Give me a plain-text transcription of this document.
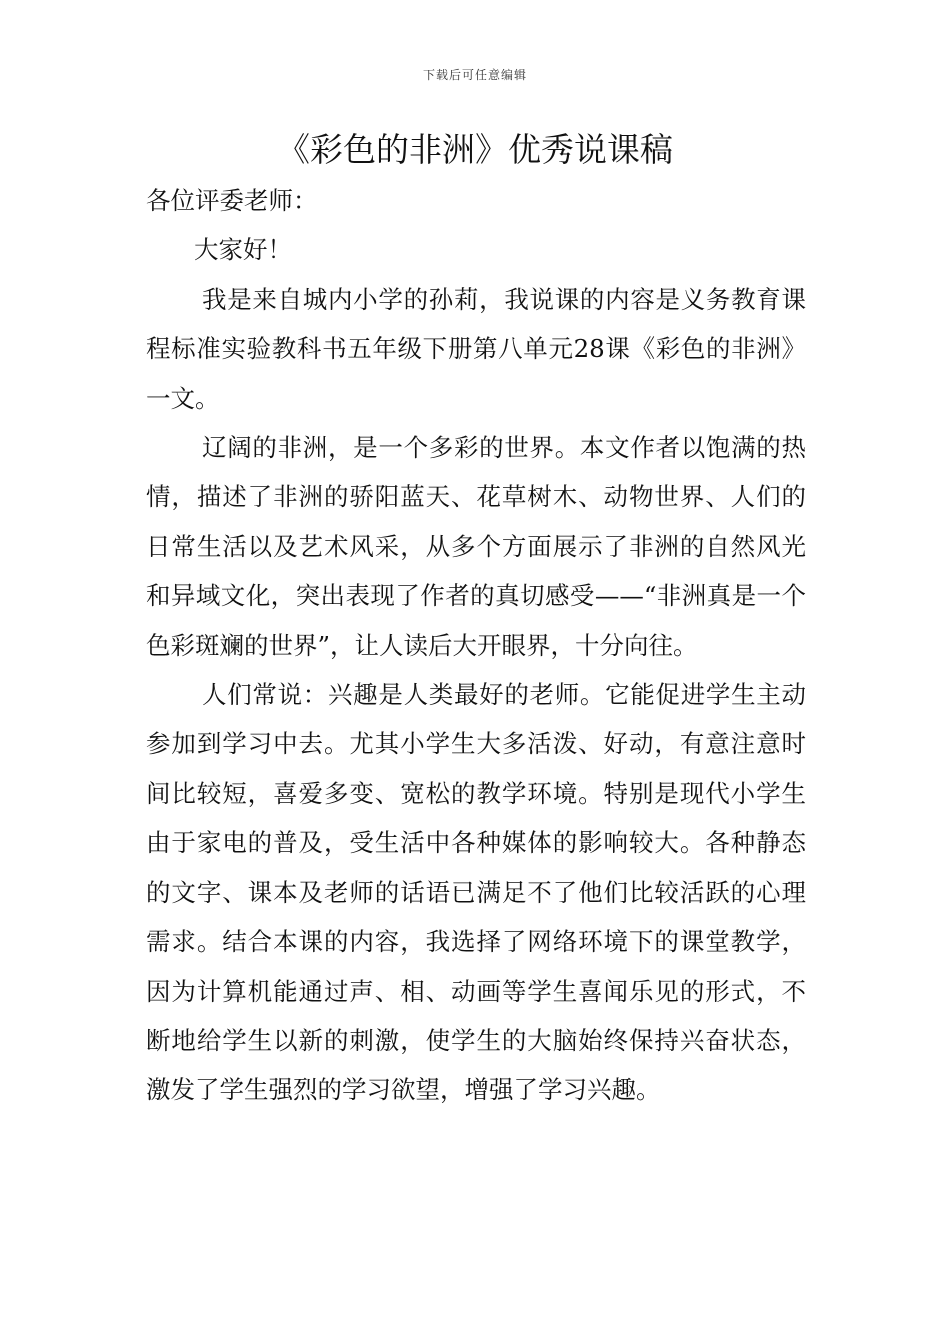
下载后可任意编辑
《彩色的非洲》优秀说课稿

各位评委老师：

大家好！

我是来自城内小学的孙莉，我说课的内容是义务教育课程标准实验教科书五年级下册第八单元28课《彩色的非洲》一文。

辽阔的非洲，是一个多彩的世界。本文作者以饱满的热情，描述了非洲的骄阳蓝天、花草树木、动物世界、人们的日常生活以及艺术风采，从多个方面展示了非洲的自然风光和异域文化，突出表现了作者的真切感受——“非洲真是一个色彩斑斓的世界”，让人读后大开眼界，十分向往。

人们常说：兴趣是人类最好的老师。它能促进学生主动参加到学习中去。尤其小学生大多活泼、好动，有意注意时间比较短，喜爱多变、宽松的教学环境。特别是现代小学生由于家电的普及，受生活中各种媒体的影响较大。各种静态的文字、课本及老师的话语已满足不了他们比较活跃的心理需求。结合本课的内容，我选择了网络环境下的课堂教学，因为计算机能通过声、相、动画等学生喜闻乐见的形式，不断地给学生以新的刺激，使学生的大脑始终保持兴奋状态，激发了学生强烈的学习欲望，增强了学习兴趣。
